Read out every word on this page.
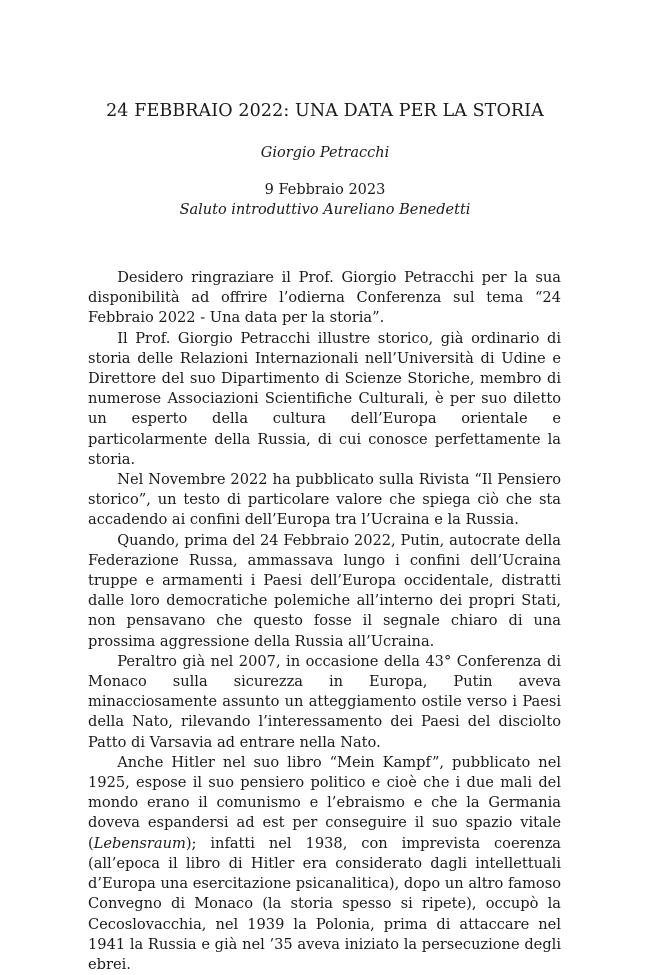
24 FEBBRAIO 2022: UNA DATA PER LA STORIA
Giorgio Petracchi
9 Febbraio 2023
Saluto introduttivo Aureliano Benedetti

Desidero ringraziare il Prof. Giorgio Petracchi per la sua disponibilità ad offrire l’odierna Conferenza sul tema “24 Febbraio 2022 - Una data per la storia”.

Il Prof. Giorgio Petracchi illustre storico, già ordinario di storia delle Relazioni Internazionali nell’Università di Udine e Direttore del suo Dipartimento di Scienze Storiche, membro di numerose Associazioni Scientifiche Culturali, è per suo diletto un esperto della cultura dell’Europa orientale e particolarmente della Russia, di cui conosce perfettamente la storia.

Nel Novembre 2022 ha pubblicato sulla Rivista “Il Pensiero storico”, un testo di particolare valore che spiega ciò che sta accadendo ai confini dell’Europa tra l’Ucraina e la Russia.

Quando, prima del 24 Febbraio 2022, Putin, autocrate della Federazione Russa, ammassava lungo i confini dell’Ucraina truppe e armamenti i Paesi dell’Europa occidentale, distratti dalle loro democratiche polemiche all’interno dei propri Stati, non pensavano che questo fosse il segnale chiaro di una prossima aggressione della Russia all’Ucraina.

Peraltro già nel 2007, in occasione della 43° Conferenza di Monaco sulla sicurezza in Europa, Putin aveva minacciosamente assunto un atteggiamento ostile verso i Paesi della Nato, rilevando l’interessamento dei Paesi del disciolto Patto di Varsavia ad entrare nella Nato.

Anche Hitler nel suo libro “Mein Kampf”, pubblicato nel 1925, espose il suo pensiero politico e cioè che i due mali del mondo erano il comunismo e l’ebraismo e che la Germania doveva espandersi ad est per conseguire il suo spazio vitale (Lebensraum); infatti nel 1938, con imprevista coerenza (all’epoca il libro di Hitler era considerato dagli intellettuali d’Europa una esercitazione psicanalitica), dopo un altro famoso Convegno di Monaco (la storia spesso si ripete), occupò la Cecoslovacchia, nel 1939 la Polonia, prima di attaccare nel 1941 la Russia e già nel ’35 aveva iniziato la persecuzione degli ebrei.
